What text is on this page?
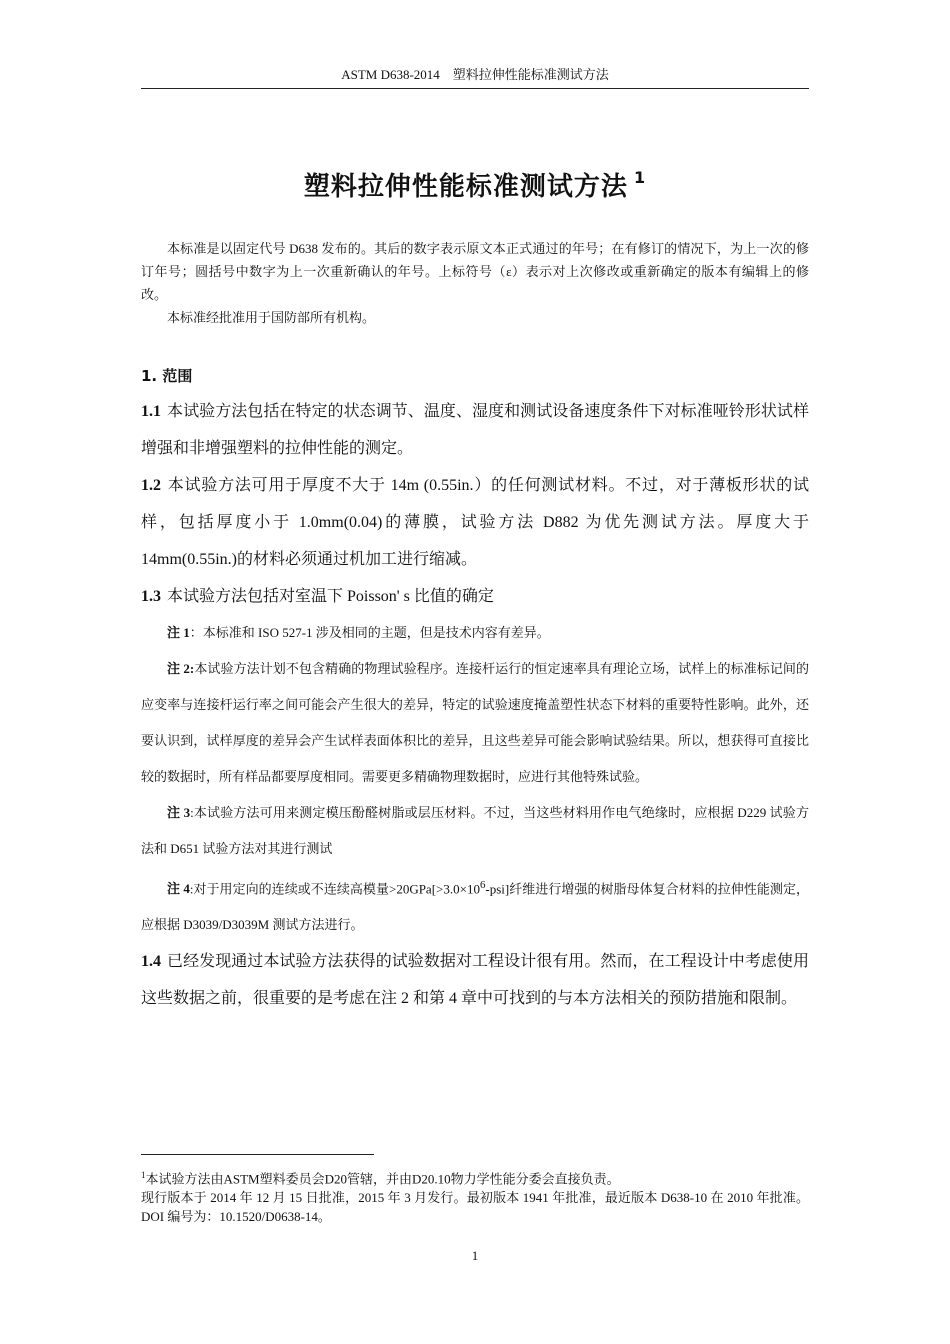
ASTM D638-2014　塑料拉伸性能标准测试方法
塑料拉伸性能标准测试方法 $^1$

本标准是以固定代号 D638 发布的。其后的数字表示原文本正式通过的年号；在有修订的情况下，为上一次的修订年号；圆括号中数字为上一次重新确认的年号。上标符号（ε）表示对上次修改或重新确定的版本有编辑上的修改。

本标准经批准用于国防部所有机构。

1. 范围

1.1 本试验方法包括在特定的状态调节、温度、湿度和测试设备速度条件下对标准哑铃形状试样增强和非增强塑料的拉伸性能的测定。

1.2 本试验方法可用于厚度不大于 14m (0.55in.）的任何测试材料。不过，对于薄板形状的试样，包括厚度小于 1.0mm(0.04)的薄膜，试验方法 D882 为优先测试方法。厚度大于 14mm(0.55in.)的材料必须通过机加工进行缩减。

1.3 本试验方法包括对室温下 Poisson' s 比值的确定

注 1：本标准和 ISO 527-1 涉及相同的主题，但是技术内容有差异。

注 2:本试验方法计划不包含精确的物理试验程序。连接杆运行的恒定速率具有理论立场，试样上的标准标记间的应变率与连接杆运行率之间可能会产生很大的差异，特定的试验速度掩盖塑性状态下材料的重要特性影响。此外，还要认识到，试样厚度的差异会产生试样表面体积比的差异，且这些差异可能会影响试验结果。所以，想获得可直接比较的数据时，所有样品都要厚度相同。需要更多精确物理数据时，应进行其他特殊试验。

注 3:本试验方法可用来测定模压酚醛树脂或层压材料。不过，当这些材料用作电气绝缘时，应根据 D229 试验方法和 D651 试验方法对其进行测试

注 4:对于用定向的连续或不连续高模量$>20GPa[>3.0\times 10^6-psi]$纤维进行增强的树脂母体复合材料的拉伸性能测定，应根据 D3039/D3039M 测试方法进行。

1.4 已经发现通过本试验方法获得的试验数据对工程设计很有用。然而，在工程设计中考虑使用这些数据之前，很重要的是考虑在注 2 和第 4 章中可找到的与本方法相关的预防措施和限制。

$^1$本试验方法由ASTM塑料委员会D20管辖，并由D20.10物力学性能分委会直接负责。

现行版本于 2014 年 12 月 15 日批准，2015 年 3 月发行。最初版本 1941 年批准，最近版本 D638-10 在 2010 年批准。DOI 编号为：10.1520/D0638-14。

1
